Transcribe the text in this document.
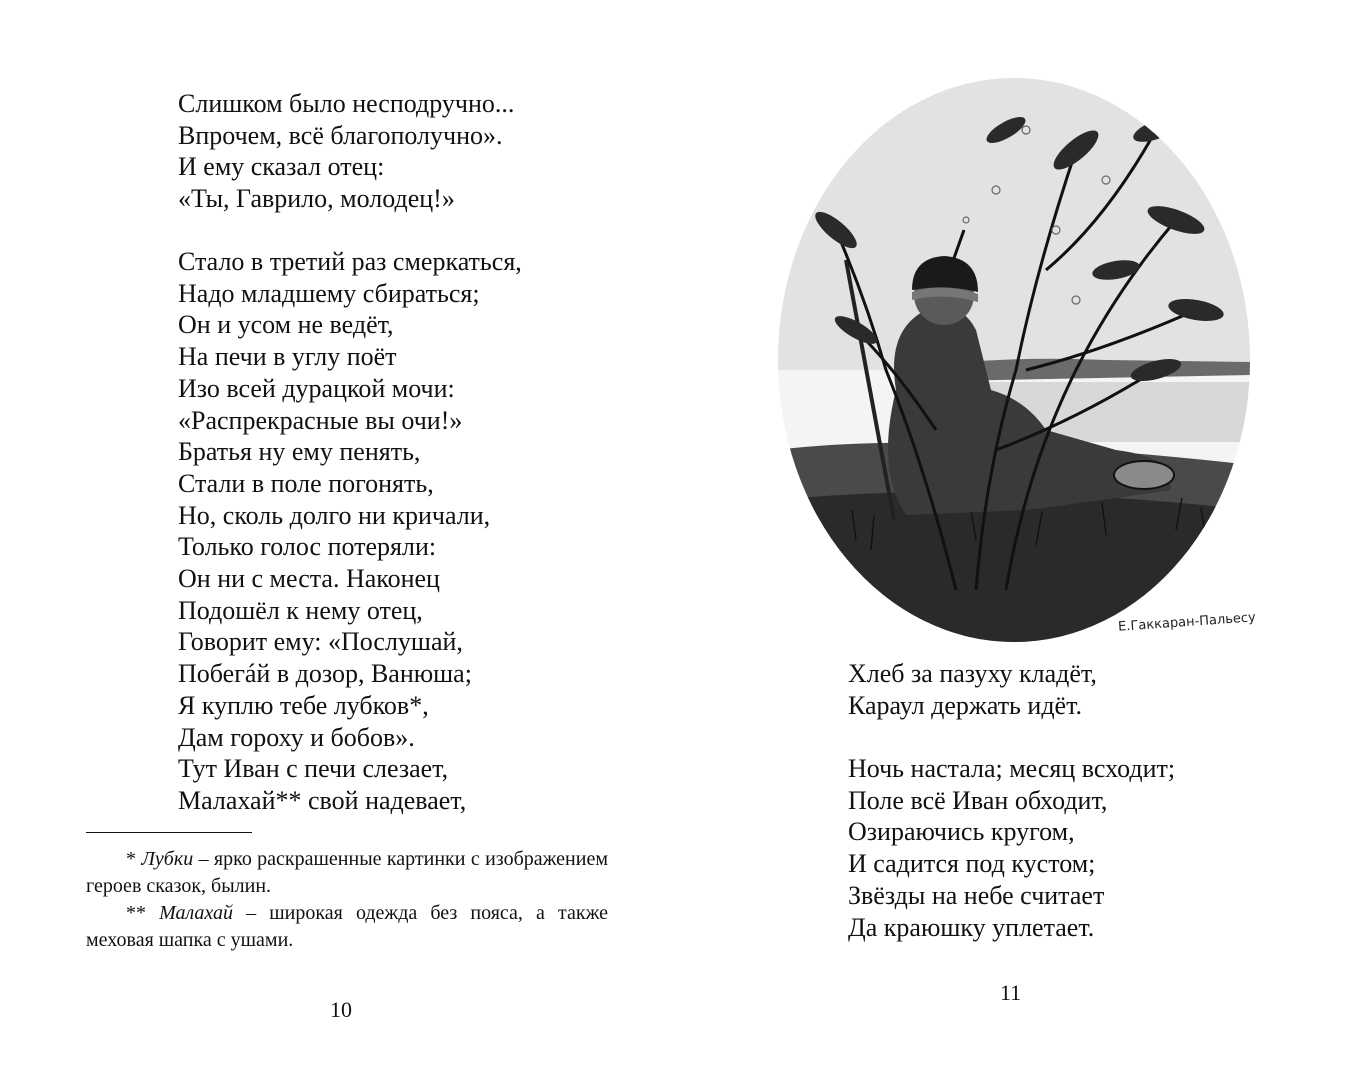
Слишком было несподручно...
Впрочем, всё благополучно».
И ему сказал отец:
«Ты, Гаврило, молодец!»
Стало в третий раз смеркаться,
Надо младшему сбираться;
Он и усом не ведёт,
На печи в углу поёт
Изо всей дурацкой мочи:
«Распрекрасные вы очи!»
Братья ну ему пенять,
Стали в поле погонять,
Но, сколь долго ни кричали,
Только голос потеряли:
Он ни с места. Наконец
Подошёл к нему отец,
Говорит ему: «Послушай,
Побегáй в дозор, Ванюша;
Я куплю тебе лубков*,
Дам гороху и бобов».
Тут Иван с печи слезает,
Малахай** свой надевает,

* Лубки – ярко раскрашенные картинки с изображением героев сказок, былин.

** Малахай – широкая одежда без пояса, а также меховая шапка с ушами.

10
Е.Гаккаран-Пальесу
Хлеб за пазуху кладёт,
Караул держать идёт.
Ночь настала; месяц всходит;
Поле всё Иван обходит,
Озираючись кругом,
И садится под кустом;
Звёзды на небе считает
Да краюшку уплетает.
11
